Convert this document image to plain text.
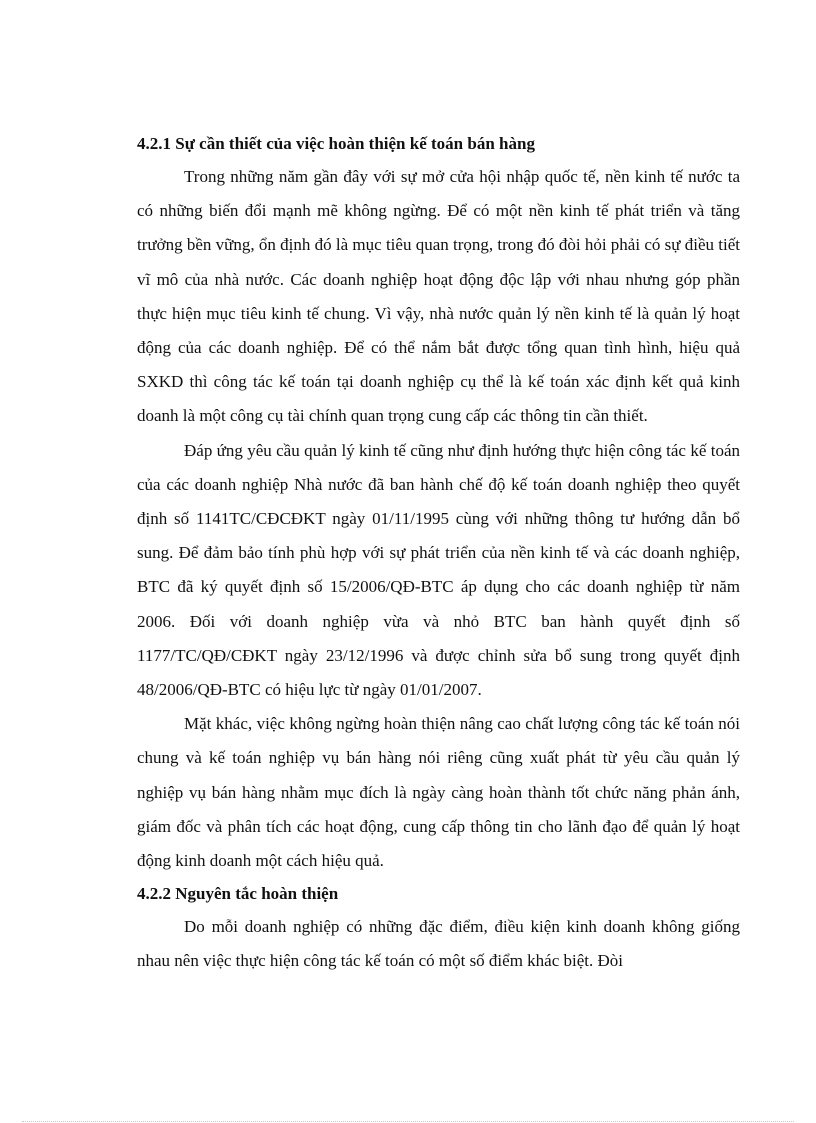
4.2.1 Sự cần thiết của việc hoàn thiện kế toán bán hàng

Trong những năm gần đây với sự mở cửa hội nhập quốc tế, nền kinh tế nước ta có những biến đổi mạnh mẽ không ngừng. Để có một nền kinh tế phát triển và tăng trưởng bền vững, ổn định đó là mục tiêu quan trọng, trong đó đòi hỏi phải có sự điều tiết vĩ mô của nhà nước. Các doanh nghiệp hoạt động độc lập với nhau nhưng góp phần thực hiện mục tiêu kinh tế chung. Vì vậy, nhà nước quản lý nền kinh tế là quản lý hoạt động của các doanh nghiệp. Để có thể nắm bắt được tổng quan tình hình, hiệu quả SXKD thì công tác kế toán tại doanh nghiệp cụ thể là kế toán xác định kết quả kinh doanh là một công cụ tài chính quan trọng cung cấp các thông tin cần thiết.

Đáp ứng yêu cầu quản lý kinh tế cũng như định hướng thực hiện công tác kế toán của các doanh nghiệp Nhà nước đã ban hành chế độ kế toán doanh nghiệp theo quyết định số 1141TC/CĐCĐKT ngày 01/11/1995 cùng với những thông tư hướng dẫn bổ sung. Để đảm bảo tính phù hợp với sự phát triển của nền kinh tế và các doanh nghiệp, BTC đã ký quyết định số 15/2006/QĐ-BTC áp dụng cho các doanh nghiệp từ năm 2006. Đối với doanh nghiệp vừa và nhỏ BTC ban hành quyết định số 1177/TC/QĐ/CĐKT ngày 23/12/1996 và được chỉnh sửa bổ sung trong quyết định 48/2006/QĐ-BTC có hiệu lực từ ngày 01/01/2007.

Mặt khác, việc không ngừng hoàn thiện nâng cao chất lượng công tác kế toán nói chung và kế toán nghiệp vụ bán hàng nói riêng cũng xuất phát từ yêu cầu quản lý nghiệp vụ bán hàng nhằm mục đích là ngày càng hoàn thành tốt chức năng phản ánh, giám đốc và phân tích các hoạt động, cung cấp thông tin cho lãnh đạo để quản lý hoạt động kinh doanh một cách hiệu quả.

4.2.2 Nguyên tắc hoàn thiện

Do mỗi doanh nghiệp có những đặc điểm, điều kiện kinh doanh không giống nhau nên việc thực hiện công tác kế toán có một số điểm khác biệt. Đòi
